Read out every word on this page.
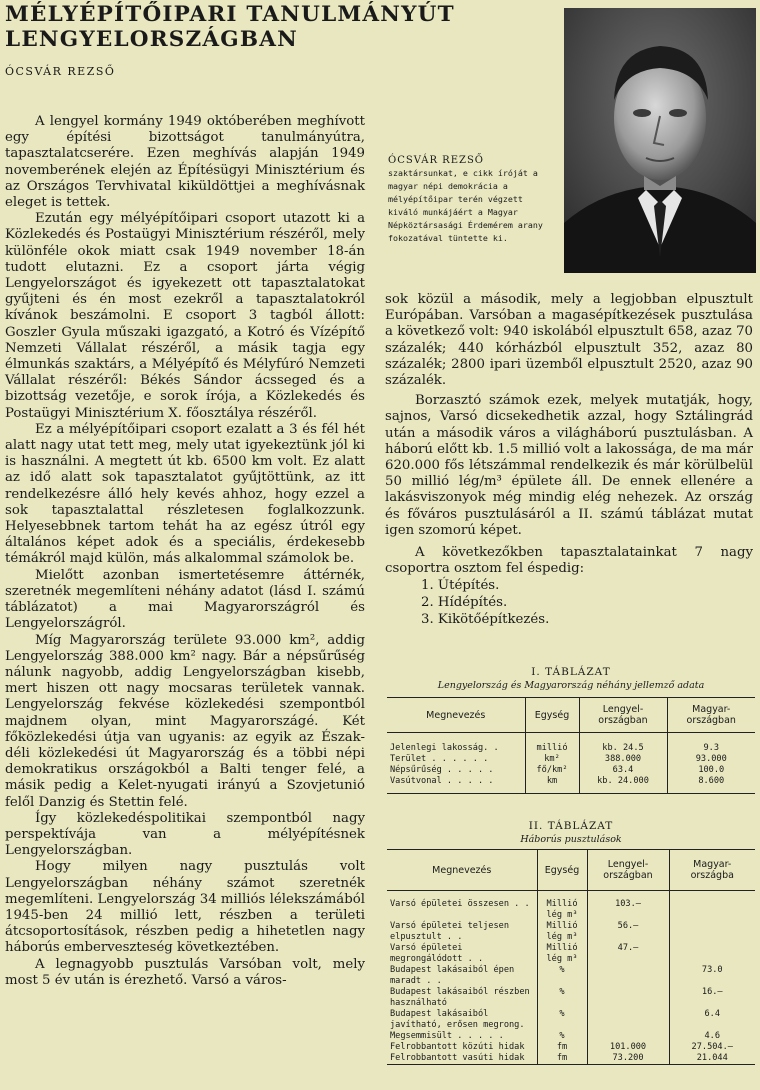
MÉLYÉPÍTŐIPARI TANULMÁNYÚT
LENGYELORSZÁGBAN
ÓCSVÁR REZSŐ

A lengyel kormány 1949 októberében meghívott egy építési bizottságot tanulmányútra, tapasztalatcserére. Ezen meghívás alapján 1949 novemberének elején az Építésügyi Minisztérium és az Országos Tervhivatal kiküldöttjei a meghívásnak eleget is tettek.

Ezután egy mélyépítőipari csoport utazott ki a Közlekedés és Postaügyi Minisztérium részéről, mely különféle okok miatt csak 1949 november 18-án tudott elutazni. Ez a csoport járta végig Lengyelországot és igyekezett ott tapasztalatokat gyűjteni és én most ezekről a tapasztalatokról kívánok beszámolni. E csoport 3 tagból állott: Goszler Gyula műszaki igazgató, a Kotró és Vízépítő Nemzeti Vállalat részéről, a másik tagja egy élmunkás szaktárs, a Mélyépítő és Mélyfúró Nemzeti Vállalat részéről: Békés Sándor ácsseged és a bizottság vezetője, e sorok írója, a Közlekedés és Postaügyi Minisztérium X. főosztálya részéről.

Ez a mélyépítőipari csoport ezalatt a 3 és fél hét alatt nagy utat tett meg, mely utat igyekeztünk jól ki is használni. A megtett út kb. 6500 km volt. Ez alatt az idő alatt sok tapasztalatot gyűjtöttünk, az itt rendelkezésre álló hely kevés ahhoz, hogy ezzel a sok tapasztalattal részletesen foglalkozzunk. Helyesebbnek tartom tehát ha az egész útról egy általános képet adok és a speciális, érdekesebb témákról majd külön, más alkalommal számolok be.

Mielőtt azonban ismertetésemre áttérnék, szeretnék megemlíteni néhány adatot (lásd I. számú táblázatot) a mai Magyarországról és Lengyelországról.

Míg Magyarország területe 93.000 km², addig Lengyelország 388.000 km² nagy. Bár a népsűrűség nálunk nagyobb, addig Lengyelországban kisebb, mert hiszen ott nagy mocsaras területek vannak. Lengyelország fekvése közlekedési szempontból majdnem olyan, mint Magyarországé. Két főközlekedési útja van ugyanis: az egyik az Észak-déli közlekedési út Magyarország és a többi népi demokratikus országokból a Balti tenger felé, a másik pedig a Kelet-nyugati irányú a Szovjetunió felől Danzig és Stettin felé.

Így közlekedéspolitikai szempontból nagy perspektívája van a mélyépítésnek Lengyelországban.

Hogy milyen nagy pusztulás volt Lengyelországban néhány számot szeretnék megemlíteni. Lengyelország 34 milliós lélekszámából 1945-ben 24 millió lett, részben a területi átcsoportosítások, részben pedig a hihetetlen nagy háborús emberveszteség következtében.

A legnagyobb pusztulás Varsóban volt, mely most 5 év után is érezhető. Varsó a város-

ÓCSVÁR REZSŐ
szaktársunkat, e cikk íróját a magyar népi demokrácia a mélyépítőipar terén végzett kiváló munkájáért a Magyar Népköztársasági Érdemérem arany fokozatával tüntette ki.

sok közül a második, mely a legjobban elpusztult Európában. Varsóban a magasépítkezések pusztulása a következő volt: 940 iskolából elpusztult 658, azaz 70 százalék; 440 kórházból elpusztult 352, azaz 80 százalék; 2800 ipari üzemből elpusztult 2520, azaz 90 százalék.

Borzasztó számok ezek, melyek mutatják, hogy, sajnos, Varsó dicsekedhetik azzal, hogy Sztálingrád után a második város a világháború pusztulásban. A háború előtt kb. 1.5 millió volt a lakossága, de ma már 620.000 fős létszámmal rendelkezik és már körülbelül 50 millió lég/m³ épülete áll. De ennek ellenére a lakásviszonyok még mindig elég nehezek. Az ország és főváros pusztulásáról a II. számú táblázat mutat igen szomorú képet.

A következőkben tapasztalatainkat 7 nagy csoportra osztom fel éspedig:

1. Útépítés.
2. Hídépítés.
3. Kikötőépítkezés.
I. TÁBLÁZAT
Lengyelország és Magyarország néhány jellemző adata
Megnevezés	Egység	Lengyel-országban	Magyar-országban

Jelenlegi lakosság. .	millió	kb. 24.5	9.3
Terület . . . . . .	km²	388.000	93.000
Népsűrűség . . . . .	fő/km²	63.4	100.0
Vasútvonal . . . . .	km	kb. 24.000	8.600
II. TÁBLÁZAT
Háborús pusztulások
Megnevezés	Egység	Lengyel-országban	Magyar-országba

Varsó épületei összesen . .	Millió lég m³	103.—	
Varsó épületei teljesen elpusztult . .	Millió lég m³	56.—	
Varsó épületei megrongálódott . .	Millió lég m³	47.—	
Budapest lakásaiból épen maradt . .	%		73.0
Budapest lakásaiból részben használható	%		16.—
Budapest lakásaiból javítható, erősen megrong.	%		6.4
Megsemmisült . . . . .	%		4.6
Felrobbantott közúti hidak	fm	101.000	27.504.—
Felrobbantott vasúti hidak	fm	73.200	21.044
